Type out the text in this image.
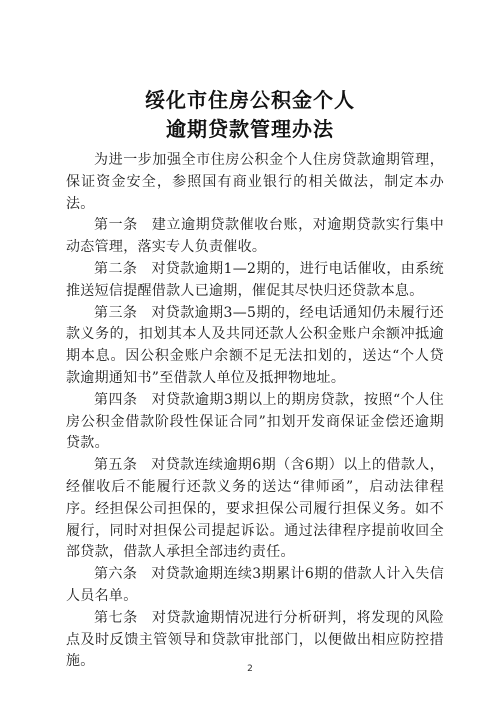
绥化市住房公积金个人
逾期贷款管理办法

为进一步加强全市住房公积金个人住房贷款逾期管理，保证资金安全，参照国有商业银行的相关做法，制定本办法。

第一条 建立逾期贷款催收台账，对逾期贷款实行集中动态管理，落实专人负责催收。

第二条 对贷款逾期1—2期的，进行电话催收，由系统推送短信提醒借款人已逾期，催促其尽快归还贷款本息。

第三条 对贷款逾期3—5期的，经电话通知仍未履行还款义务的，扣划其本人及共同还款人公积金账户余额冲抵逾期本息。因公积金账户余额不足无法扣划的，送达“个人贷款逾期通知书”至借款人单位及抵押物地址。

第四条 对贷款逾期3期以上的期房贷款，按照“个人住房公积金借款阶段性保证合同”扣划开发商保证金偿还逾期贷款。

第五条 对贷款连续逾期6期（含6期）以上的借款人，经催收后不能履行还款义务的送达“律师函”，启动法律程序。经担保公司担保的，要求担保公司履行担保义务。如不履行，同时对担保公司提起诉讼。通过法律程序提前收回全部贷款，借款人承担全部违约责任。

第六条 对贷款逾期连续3期累计6期的借款人计入失信人员名单。

第七条 对贷款逾期情况进行分析研判，将发现的风险点及时反馈主管领导和贷款审批部门，以便做出相应防控措施。	2
